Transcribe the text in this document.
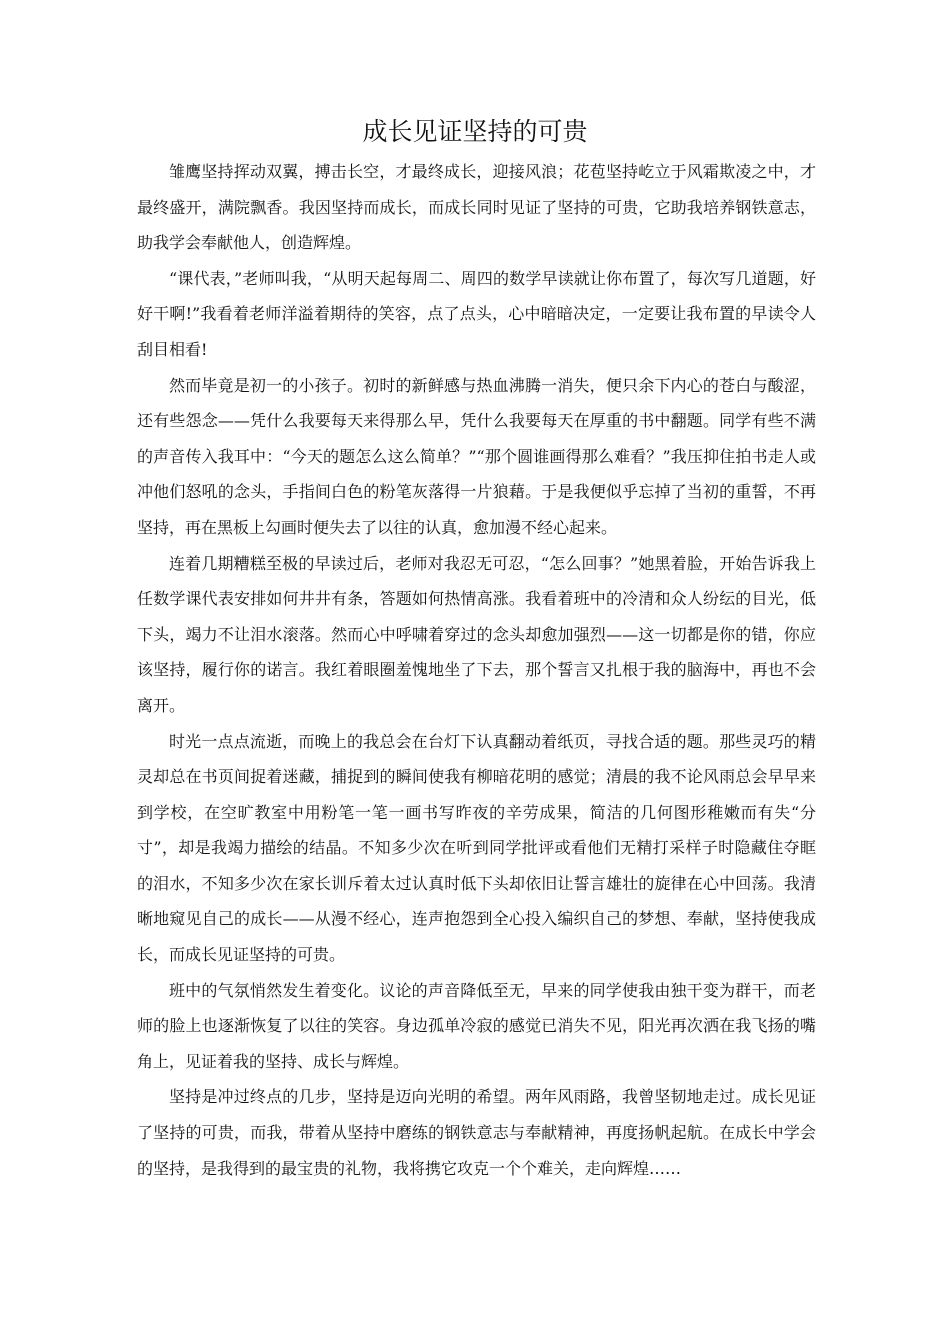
成长见证坚持的可贵

雏鹰坚持挥动双翼，搏击长空，才最终成长，迎接风浪；花苞坚持屹立于风霜欺凌之中，才最终盛开，满院飘香。我因坚持而成长，而成长同时见证了坚持的可贵，它助我培养钢铁意志，助我学会奉献他人，创造辉煌。

“课代表，”老师叫我，“从明天起每周二、周四的数学早读就让你布置了，每次写几道题，好好干啊!”我看着老师洋溢着期待的笑容，点了点头，心中暗暗决定，一定要让我布置的早读令人刮目相看!

然而毕竟是初一的小孩子。初时的新鲜感与热血沸腾一消失，便只余下内心的苍白与酸涩，还有些怨念——凭什么我要每天来得那么早，凭什么我要每天在厚重的书中翻题。同学有些不满的声音传入我耳中：“今天的题怎么这么简单？”“那个圆谁画得那么难看？”我压抑住拍书走人或冲他们怒吼的念头，手指间白色的粉笔灰落得一片狼藉。于是我便似乎忘掉了当初的重誓，不再坚持，再在黑板上勾画时便失去了以往的认真，愈加漫不经心起来。

连着几期糟糕至极的早读过后，老师对我忍无可忍，“怎么回事？”她黑着脸，开始告诉我上任数学课代表安排如何井井有条，答题如何热情高涨。我看着班中的冷清和众人纷纭的目光，低下头，竭力不让泪水滚落。然而心中呼啸着穿过的念头却愈加强烈——这一切都是你的错，你应该坚持，履行你的诺言。我红着眼圈羞愧地坐了下去，那个誓言又扎根于我的脑海中，再也不会离开。

时光一点点流逝，而晚上的我总会在台灯下认真翻动着纸页，寻找合适的题。那些灵巧的精灵却总在书页间捉着迷藏，捕捉到的瞬间使我有柳暗花明的感觉；清晨的我不论风雨总会早早来到学校，在空旷教室中用粉笔一笔一画书写昨夜的辛劳成果，简洁的几何图形稚嫩而有失“分寸”，却是我竭力描绘的结晶。不知多少次在听到同学批评或看他们无精打采样子时隐藏住夺眶的泪水，不知多少次在家长训斥着太过认真时低下头却依旧让誓言雄壮的旋律在心中回荡。我清晰地窥见自己的成长——从漫不经心，连声抱怨到全心投入编织自己的梦想、奉献，坚持使我成长，而成长见证坚持的可贵。

班中的气氛悄然发生着变化。议论的声音降低至无，早来的同学使我由独干变为群干，而老师的脸上也逐渐恢复了以往的笑容。身边孤单冷寂的感觉已消失不见，阳光再次洒在我飞扬的嘴角上，见证着我的坚持、成长与辉煌。

坚持是冲过终点的几步，坚持是迈向光明的希望。两年风雨路，我曾坚韧地走过。成长见证了坚持的可贵，而我，带着从坚持中磨练的钢铁意志与奉献精神，再度扬帆起航。在成长中学会的坚持，是我得到的最宝贵的礼物，我将携它攻克一个个难关，走向辉煌……
